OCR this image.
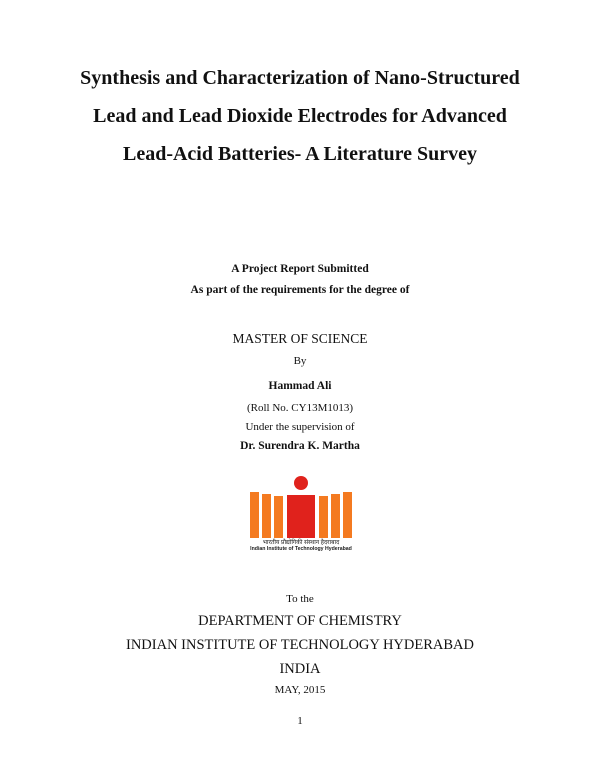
Synthesis and Characterization of Nano-Structured
Lead and Lead Dioxide Electrodes for Advanced
Lead-Acid Batteries- A Literature Survey
A Project Report Submitted
As part of the requirements for the degree of
MASTER OF SCIENCE
By
Hammad Ali
(Roll No. CY13M1013)
Under the supervision of
Dr. Surendra K. Martha
भारतीय प्रौद्योगिकी संस्थान हैदराबाद
Indian Institute of Technology Hyderabad
To the
DEPARTMENT OF CHEMISTRY
INDIAN INSTITUTE OF TECHNOLOGY HYDERABAD
INDIA
MAY, 2015
1
